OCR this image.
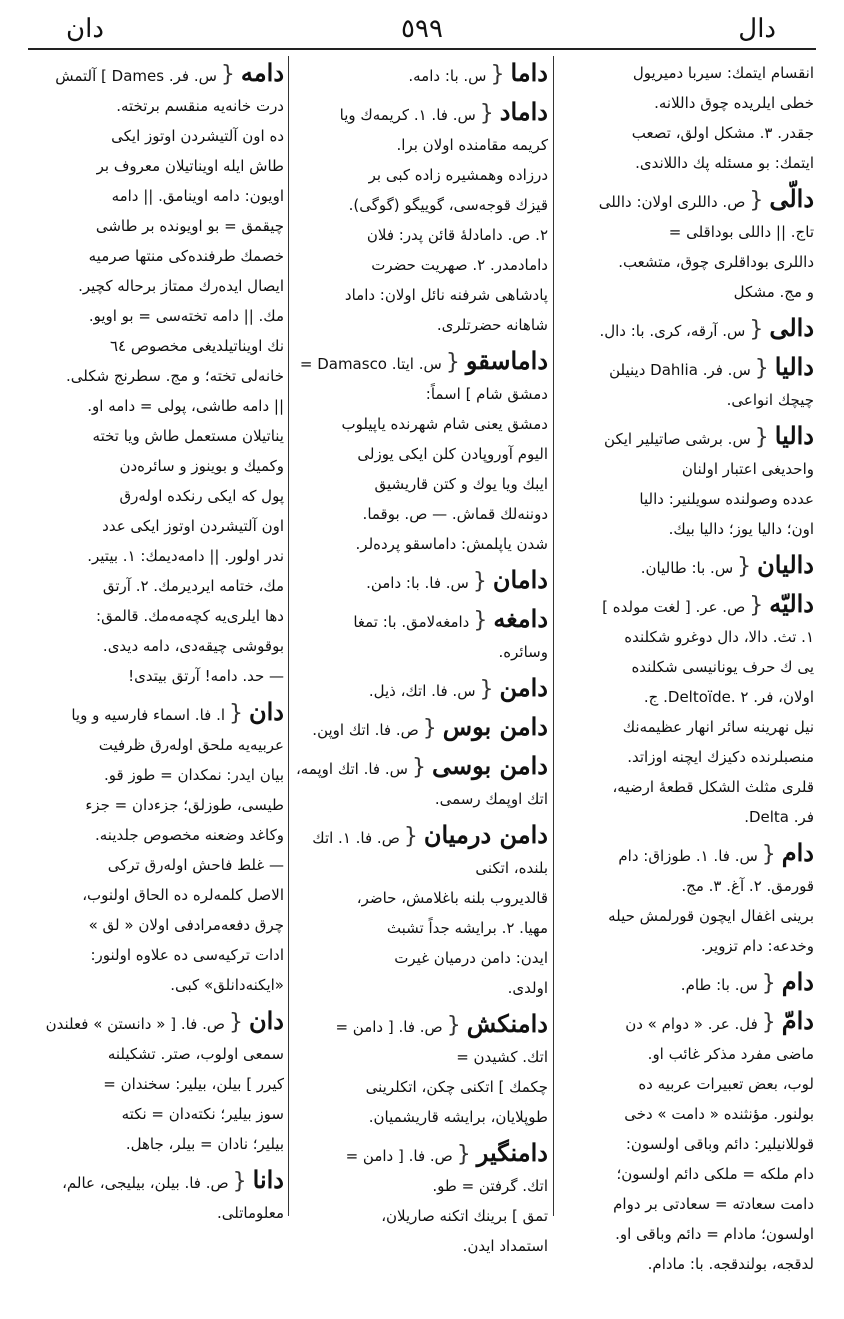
دال
٥٩٩
دان
انقسام ایتمك: سیربا دمیریول
خطی ایلریده چوق داللانه.
جقدر. ۳. مشکل اولق، تصعب
ایتمك: بو مسئله پك داللاندی.
دالّی{ص. داللری اولان: داللی
تاج. || داللی بوداقلی =
داللری بوداقلری چوق، متشعب.
و مج. مشکل
دالی{س. آرقه، کری. با: دال.
دالیا{س. فر. Dahlia دینیلن
چیچك انواعی.
دالیا{س. برشی صاتیلیر ایکن
واحدیغی اعتبار اولنان
عدده وصولنده سویلنیر: دالیا
اون؛ دالیا یوز؛ دالیا بیك.
دالیان{س. با: طالیان.
دالیّه{ص. عر. [ لغت مولده ]
۱. تث. دالا، دال دوغرو شکلنده
یی ك حرف یونانیسی شکلنده
اولان، فر. Deltoïde. ۲. ج.
نیل نهرینه سائر انهار عظیمه‌نك
منصبلرنده دکیزك ایچنه اوزاتد.
قلری مثلث الشکل قطعه‌ٔ ارضیه،
فر. Delta.
دام{س. فا. ۱. طوزاق: دام
قورمق. ۲. آغ. ۳. مج.
برینی اغفال ایچون قورلمش حیله
وخدعه: دام تزویر.
دام{س. با: طام.
دامّ{فل. عر. « دوام » دن
ماضی مفرد مذکر غائب او.
لوب، بعض تعبیرات عربیه ده
بولنور. مؤنثنده « دامت » دخی
قوللانیلیر: دائم وباقی اولسون:
دام ملکه = ملکی دائم اولسون؛
دامت سعادته = سعادتی بر دوام
اولسون؛ مادام = دائم وباقی او.
لدقجه، بولندقجه. با: مادام.
داما{س. با: دامه.
داماد{س. فا. ۱. کریمه‌ك ویا
کریمه مقامنده اولان برا.
درزاده وهمشیره زاده کبی بر
قیزك قوجه‌سی، گوییگو (گوگی).
۲. ص. داماد‌لهٔ قائن پدر: فلان
داماد‌مدر. ۲. صهریت حضرت
پادشاهی شرفنه نائل اولان: داماد
شاهانه حضرتلری.
داماسقو{س. ایتا. Damasco =
دمشق شام ] اسماً:
دمشق یعنی شام شهرنده یاپیلوب
الیوم آوروپادن کلن ایکی یوزلی
ایبك ویا یوك و کتن قاریشیق
دوننه‌لك قماش. — ص. بوقما.
شدن یاپلمش: داماسقو پرده‌لر.
دامان{س. فا. با: دامن.
دامغه{دامغه‌لامق. با: تمغا
وسائره.
دامن{س. فا. اتك، ذیل.
دامن بوس{ص. فا. اتك اوپن.
دامن بوسی{س. فا. اتك اوپمه،
اتك اوپمك رسمی.
دامن درمیان{ص. فا. ۱. اتك
بلنده، اتکنی
قالدیروب بلنه باغلامش، حاضر،
مهیا. ۲. برایشه جداً تشبث
ایدن: دامن درمیان غیرت
اولدی.
دامنکش{ص. فا. [ دامن =
اتك. کشیدن =
چکمك ] اتکنی چکن، اتکلرینی
طوپلایان، برایشه قاریشمیان.
دامنگیر{ص. فا. [ دامن =
اتك. گرفتن = طو.
تمق ] برینك اتکنه صاریلان،
استمداد ایدن.
دامه{س. فر. Dames ] آلتمش
درت خانه‌یه منقسم برتخته.
ده اون آلتیشردن اوتوز ایکی
طاش ایله اویناتیلان معروف بر
اویون: دامه اوینامق. || دامه
چیقمق = بو اویونده بر طاشی
خصمك طرفنده‌کی منتها صرمیه
ایصال ایده‌رك ممتاز برحاله کچیر.
مك. || دامه تخته‌سی = بو اویو.
نك اویناتیلدیغی مخصوص ٦٤
خانه‌لی تخته؛ و مج. سطرنج شکلی.
|| دامه طاشی، پولی = دامه او.
یناتیلان مستعمل طاش ویا تخته
وکمیك و بوینوز و سائره‌دن
پول که ایکی رنکده اوله‌رق
اون آلتیشردن اوتوز ایکی عدد
ندر اولور. || دامه‌دیمك: ۱. بیتیر.
مك، ختامه ایردیرمك. ۲. آرتق
دها ایلری‌یه کچه‌مه‌مك. قالمق:
بوقوشی چیقه‌دی، دامه دیدی.
— حد. دامه! آرتق بیتدی!
دان{ا. فا. اسماء فارسیه و ویا
عربیه‌یه‌ ملحق اوله‌رق ظرفیت
بیان ایدر: نمکدان = طوز قو.
طیسی، طوزلق؛ جزءدان = جزء
وکاغد وضعنه مخصوص جلدینه.
— غلط فاحش اوله‌رق ترکی
الاصل کلمه‌لره ده الحاق اولنوب،
چرق دفعه‌مرادفی اولان « لق »
ادات ترکیه‌سی ده علاوه اولنور:
«ایکنه‌دانلق» کبی.
دان{ص. فا. [ « دانستن » فعلندن
سمعی اولوب، صتر. تشکیلنه
کیرر ] بیلن، بیلیر: سخندان =
سوز بیلیر؛ نکته‌دان = نکته
بیلیر؛ نادان = بیلر، جاهل.
دانا{ص. فا. بیلن، بیلیجی، عالم،
معلوماتلی.
